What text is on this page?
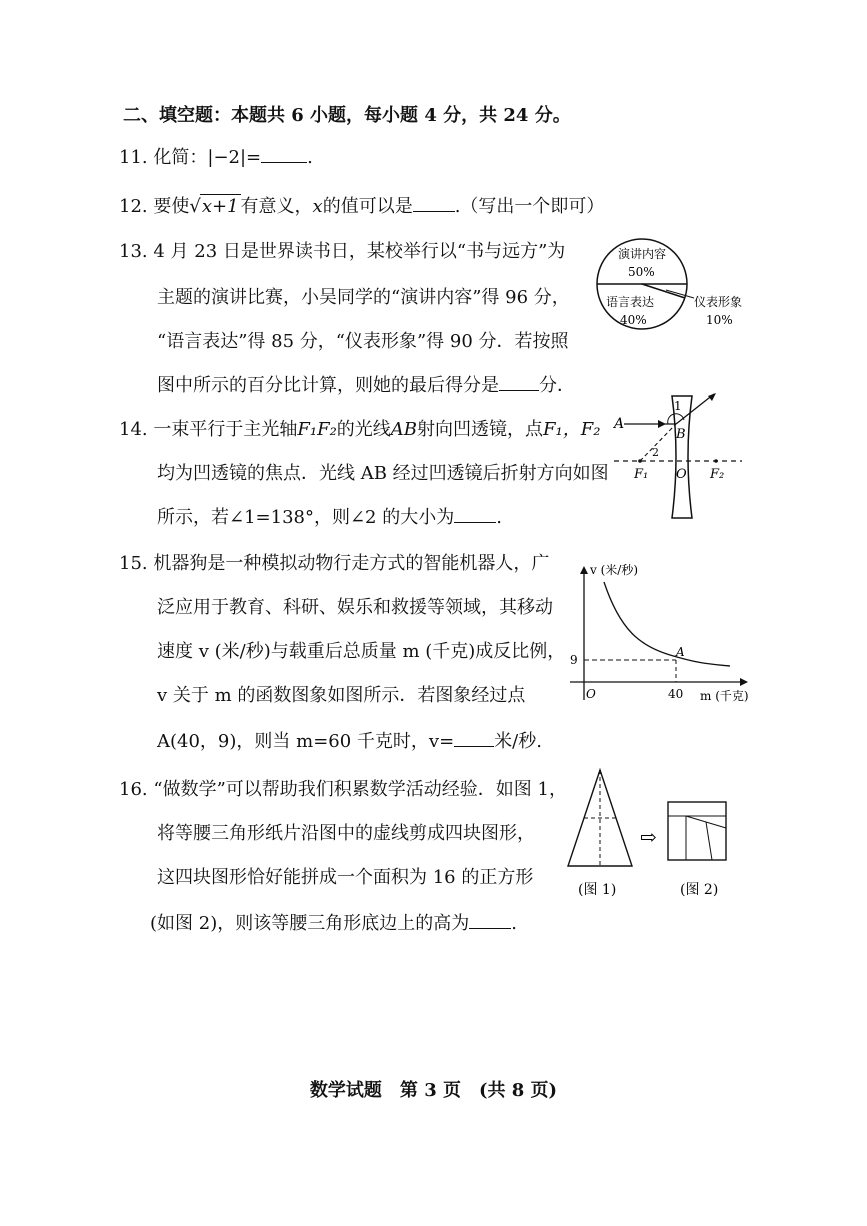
二、填空题：本题共 6 小题，每小题 4 分，共 24 分。
11. 化简：|−2|=	.
12. 要使√x+1 有意义，x的值可以是 .（写出一个即可）
13. 4 月 23 日是世界读书日，某校举行以“书与远方”为
主题的演讲比赛，小吴同学的“演讲内容”得 96 分，
“语言表达”得 85 分，“仪表形象”得 90 分．若按照
图中所示的百分比计算，则她的最后得分是 分．
演讲内容
50%
语言表达
40%
仪表形象
10%
14. 一束平行于主光轴F₁F₂的光线AB射向凹透镜，点F₁，F₂
均为凹透镜的焦点．光线 AB 经过凹透镜后折射方向如图
所示，若∠1=138°，则∠2 的大小为 .
A
B
1
2
O
F₁	F₂
15. 机器狗是一种模拟动物行走方式的智能机器人，广
泛应用于教育、科研、娱乐和救援等领域，其移动
速度 v (米/秒)与载重后总质量 m (千克)成反比例，
v 关于 m 的函数图象如图所示．若图象经过点
A(40，9)，则当 m=60 千克时，v= 米/秒.
v (米/秒)
m (千克)
9
40
O
A
16. “做数学”可以帮助我们积累数学活动经验．如图 1，
将等腰三角形纸片沿图中的虚线剪成四块图形，
这四块图形恰好能拼成一个面积为 16 的正方形
(如图 2)，则该等腰三角形底边上的高为 .
⇨
(图 1)	(图 2)
数学试题　第 3 页　(共 8 页)
